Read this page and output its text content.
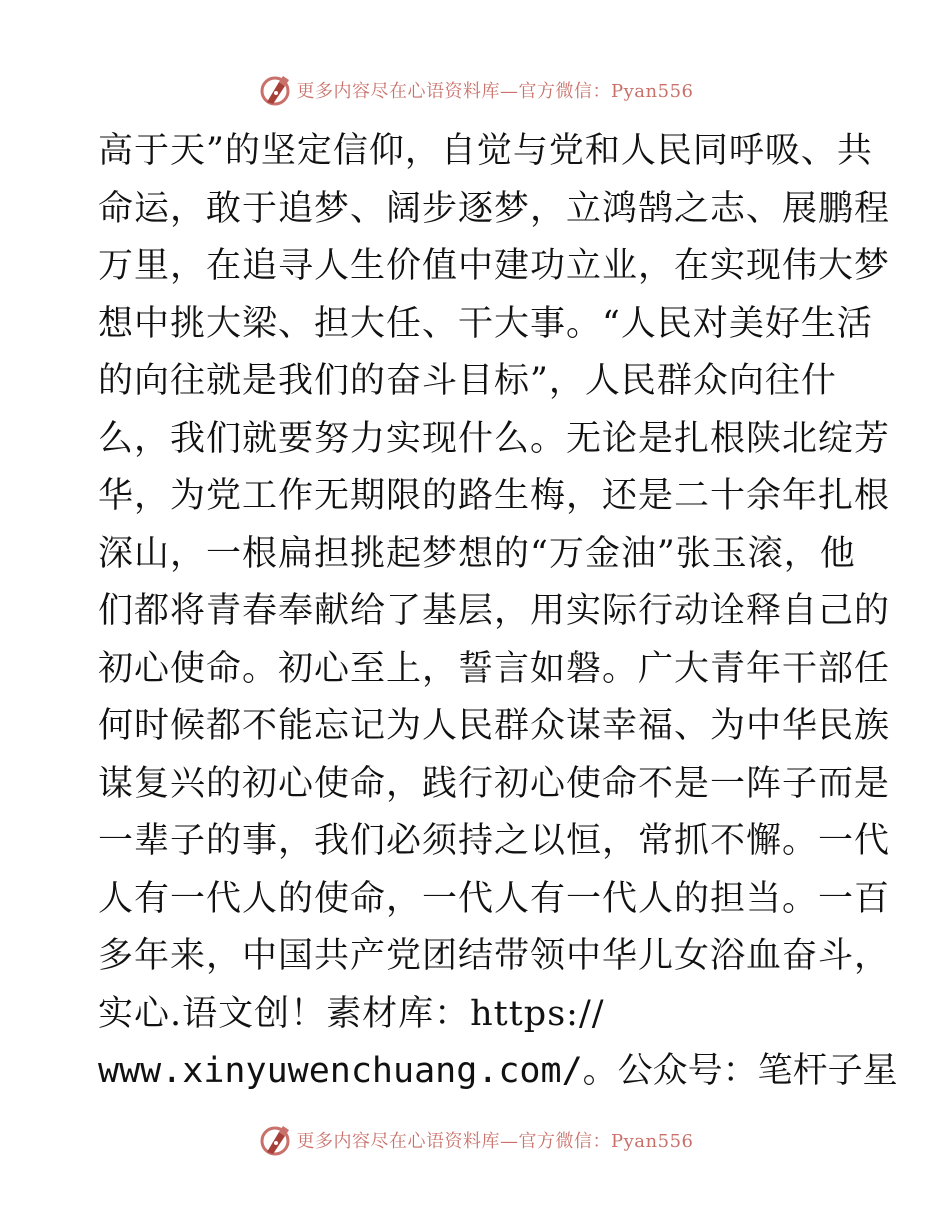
更多内容尽在心语资料库—官方微信：Pyan556
高于天”的坚定信仰，自觉与党和人民同呼吸、共
命运，敢于追梦、阔步逐梦，立鸿鹄之志、展鹏程
万里，在追寻人生价值中建功立业，在实现伟大梦
想中挑大梁、担大任、干大事。“人民对美好生活
的向往就是我们的奋斗目标”，人民群众向往什
么，我们就要努力实现什么。无论是扎根陕北绽芳
华，为党工作无期限的路生梅，还是二十余年扎根
深山，一根扁担挑起梦想的“万金油”张玉滚，他
们都将青春奉献给了基层，用实际行动诠释自己的
初心使命。初心至上，誓言如磐。广大青年干部任
何时候都不能忘记为人民群众谋幸福、为中华民族
谋复兴的初心使命，践行初心使命不是一阵子而是
一辈子的事，我们必须持之以恒，常抓不懈。一代
人有一代人的使命，一代人有一代人的担当。一百
多年来，中国共产党团结带领中华儿女浴血奋斗，
实心.语文创！素材库：https://
www.xinyuwenchuang.com/。公众号：笔杆子星
更多内容尽在心语资料库—官方微信：Pyan556
